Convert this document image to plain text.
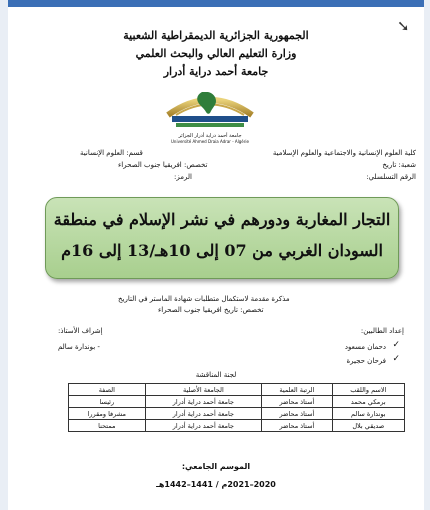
➘
الجمهورية الجزائرية الديمقراطية الشعبية
وزارة التعليم العالي والبحث العلمي
جامعة أحمد دراية أدرار
جامعة أحمد دراية أدرار الجزائر
Université Ahmed Draia Adrar - Algérie
كلية العلوم الإنسانية والاجتماعية والعلوم الإسلامية
قسم: العلوم الإنسانية
شعبة: تاريخ
تخصص: افريقيا جنوب الصحراء
الرقم التسلسلي:
الرمز:
التجار المغاربة ودورهم في نشر الإسلام في منطقة
السودان الغربي من 07 إلى 10هـ/13 إلى 16م
مذكرة مقدمة لاستكمال متطلبات شهادة الماستر في التاريخ
تخصص: تاريخ افريقيا جنوب الصحراء
إعداد الطالبين:
إشراف الأستاذ:
دحمان مسعود ✓
- بوندارة سالم
فرحان حجيرة ✓
لجنة المناقشة
الاسم واللقب	الرتبة العلمية	الجامعة الأصلية	الصفة
برمكي محمد	أستاذ محاضر	جامعة أحمد دراية أدرار	رئيسا
بوندارة سالم	أستاذ محاضر	جامعة أحمد دراية أدرار	مشرفا ومقررا
صديقي بلال	أستاذ محاضر	جامعة أحمد دراية أدرار	ممتحنا
الموسم الجامعي:
2020–2021م / 1441–1442هـ
